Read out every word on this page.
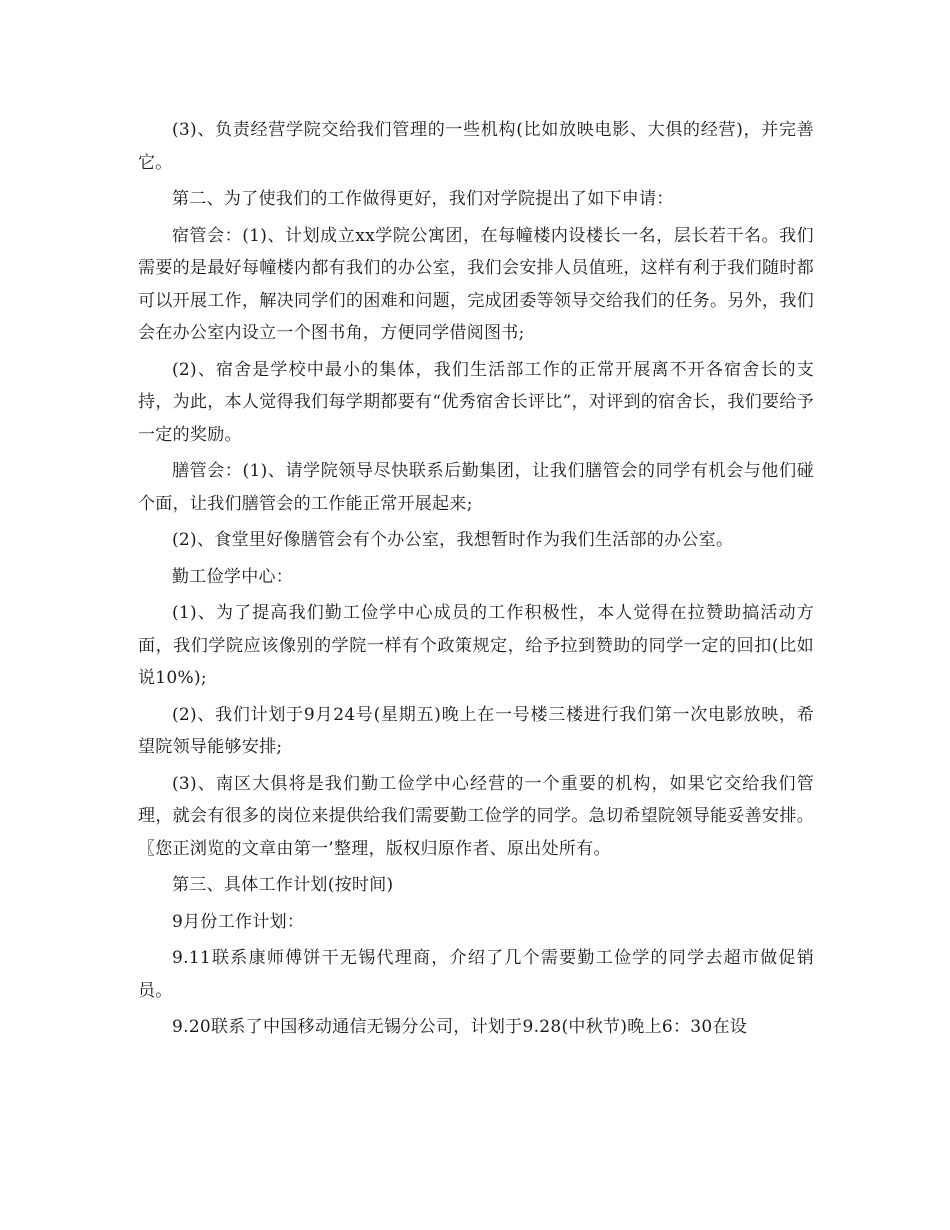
(3)、负责经营学院交给我们管理的一些机构(比如放映电影、大俱的经营)，并完善它。

第二、为了使我们的工作做得更好，我们对学院提出了如下申请：

宿管会：(1)、计划成立xx学院公寓团，在每幢楼内设楼长一名，层长若干名。我们需要的是最好每幢楼内都有我们的办公室，我们会安排人员值班，这样有利于我们随时都可以开展工作，解决同学们的困难和问题，完成团委等领导交给我们的任务。另外，我们会在办公室内设立一个图书角，方便同学借阅图书;

(2)、宿舍是学校中最小的集体，我们生活部工作的正常开展离不开各宿舍长的支持，为此，本人觉得我们每学期都要有“优秀宿舍长评比”，对评到的宿舍长，我们要给予一定的奖励。

膳管会：(1)、请学院领导尽快联系后勤集团，让我们膳管会的同学有机会与他们碰个面，让我们膳管会的工作能正常开展起来;

(2)、食堂里好像膳管会有个办公室，我想暂时作为我们生活部的办公室。

勤工俭学中心：

(1)、为了提高我们勤工俭学中心成员的工作积极性，本人觉得在拉赞助搞活动方面，我们学院应该像别的学院一样有个政策规定，给予拉到赞助的同学一定的回扣(比如说10%);

(2)、我们计划于9月24号(星期五)晚上在一号楼三楼进行我们第一次电影放映，希望院领导能够安排;

(3)、南区大俱将是我们勤工俭学中心经营的一个重要的机构，如果它交给我们管理，就会有很多的岗位来提供给我们需要勤工俭学的同学。急切希望院领导能妥善安排。〖您正浏览的文章由第一’整理，版权归原作者、原出处所有。

第三、具体工作计划(按时间)

9月份工作计划：

9.11联系康师傅饼干无锡代理商，介绍了几个需要勤工俭学的同学去超市做促销员。

9.20联系了中国移动通信无锡分公司，计划于9.28(中秋节)晚上6：30在设
